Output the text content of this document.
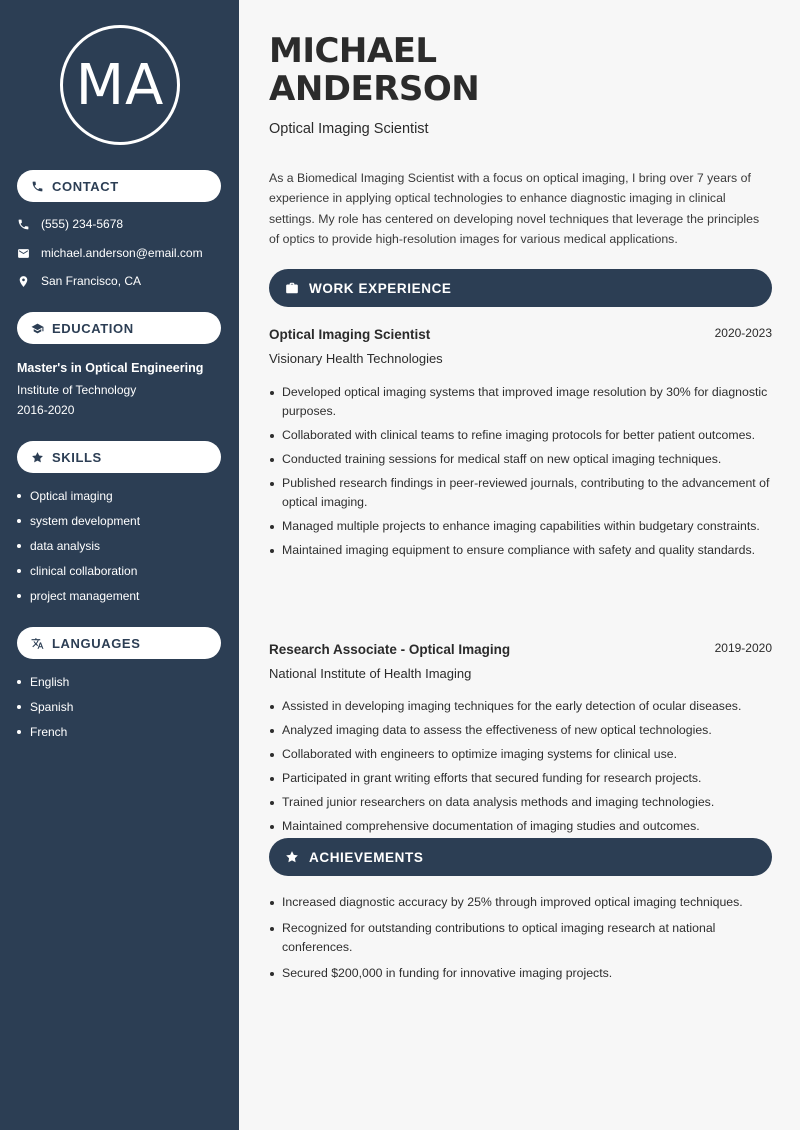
MA
CONTACT
(555) 234-5678
michael.anderson@email.com
San Francisco, CA
EDUCATION
Master's in Optical Engineering
Institute of Technology
2016-2020
SKILLS
Optical imaging
system development
data analysis
clinical collaboration
project management
LANGUAGES
English
Spanish
French
MICHAEL
ANDERSON
Optical Imaging Scientist

As a Biomedical Imaging Scientist with a focus on optical imaging, I bring over 7 years of experience in applying optical technologies to enhance diagnostic imaging in clinical settings. My role has centered on developing novel techniques that leverage the principles of optics to provide high-resolution images for various medical applications.

WORK EXPERIENCE
Optical Imaging Scientist	2020-2023
Visionary Health Technologies
Developed optical imaging systems that improved image resolution by 30% for diagnostic purposes.
Collaborated with clinical teams to refine imaging protocols for better patient outcomes.
Conducted training sessions for medical staff on new optical imaging techniques.
Published research findings in peer-reviewed journals, contributing to the advancement of optical imaging.
Managed multiple projects to enhance imaging capabilities within budgetary constraints.
Maintained imaging equipment to ensure compliance with safety and quality standards.
Research Associate - Optical Imaging	2019-2020
National Institute of Health Imaging
Assisted in developing imaging techniques for the early detection of ocular diseases.
Analyzed imaging data to assess the effectiveness of new optical technologies.
Collaborated with engineers to optimize imaging systems for clinical use.
Participated in grant writing efforts that secured funding for research projects.
Trained junior researchers on data analysis methods and imaging technologies.
Maintained comprehensive documentation of imaging studies and outcomes.
ACHIEVEMENTS
Increased diagnostic accuracy by 25% through improved optical imaging techniques.
Recognized for outstanding contributions to optical imaging research at national conferences.
Secured $200,000 in funding for innovative imaging projects.
